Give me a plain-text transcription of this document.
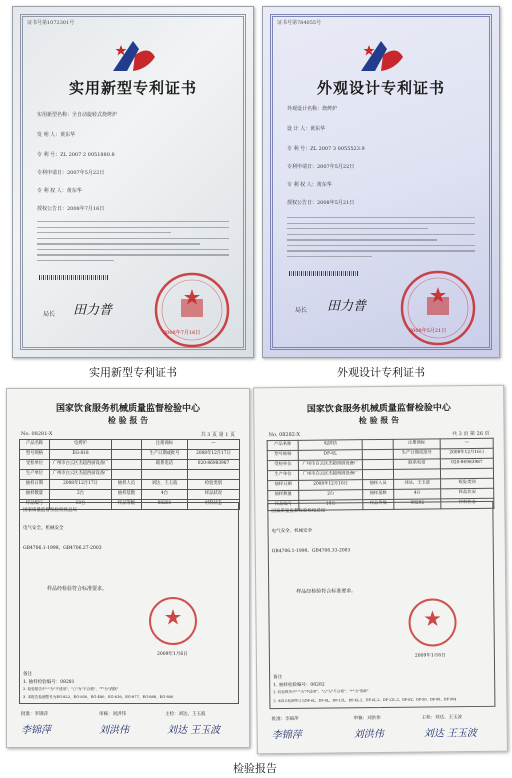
证书号第1072301号
实用新型专利证书
实用新型名称：全自动旋转式烧烤炉
发 明 人：黄东华
专 利 号：ZL 2007 2 0051880.8
专利申请日：2007年5月22日
专 利 权 人：黄东华
授权公告日：2008年7月16日
局长 田力普
2008年7月16日
证书号第784055号
外观设计专利证书
外观设计名称：烧烤炉
设 计 人：黄东华
专 利 号：ZL 2007 3 0055523.9
专利申请日：2007年5月22日
专 利 权 人：黄东华
授权公告日：2008年5月21日
局长 田力普
2008年5月21日
实用新型专利证书	外观设计专利证书
国家饮食服务机械质量监督检验中心
检 验 报 告
No. 08281-X	共 3 页 第 1 页
产品名称	电烤炉		注册商标	—
型号规格	EG-818		生产日期或批号	2008年12月17日
受检单位	广州市白云区杰超西厨设备厂		联系电话	020-86983987
生产单位	广州市白云区杰超西厨设备厂			
抽样日期	2008年12月17日	抽样人员	刘达、王玉波	检验类别
抽样数量	2台	抽样基数	4台	样品状况
样品编号	10台	样品等级	08281	材料状态
国家质量监督检验检疫总局
电气安全、机械安全
GB4706.1-1998、GB4706.27-2003
样品经检验符合标准要求。
2009年1月6日
备注
1. 抽样检验编号：08281
2. 检验报告中"-"为"不适用"，"○"为"不合格"，"*"为"消除"
3. 本报告检测型号为EG-822、EG-830、EG-480、EG-816、EG-877、EG-888、EG-800
批准：李锦萍	审核：刘洪伟	主检：刘达、王玉波
李锦萍	刘洪伟	刘达 王玉波
国家饮食服务机械质量监督检验中心
检 验 报 告
No. 08282-X	共 3 页 第 26 页
产品名称	电饼铛		注册商标	—
型号规格	DF-6L		生产日期或批号	2008年12月16日
受检单位	广州市白云区杰超西厨设备厂		联系电话	020-86983987
生产单位	广州市白云区杰超西厨设备厂			
抽样日期	2008年12月16日	抽样人员	刘达、王玉波	检验类别
抽样数量	2台	抽样基数	4台	样品状况
样品编号	10台	样品等级	08282	材料状态
国家质量监督检验检疫总局
电气安全、机械安全
GB4706.1-1998、GB4706.33-2003
样品经检验符合标准要求。
2009年1月6日
备注
1. 抽样检验编号：08282
2. 检验报告中"-"为"不适用"，"○"为"不合格"，"*"为"消除"
3. 本报告检测型号为DF-6L、DF-8L、DF-12L、DF-4L-2、DF-6L-2、DF-12L-2、DF-8Z、DF-80、DF-88、DF-904
批准：李锦萍	审核：刘洪伟	主检：刘达、王玉波
李锦萍	刘洪伟	刘达 王玉波
检验报告
